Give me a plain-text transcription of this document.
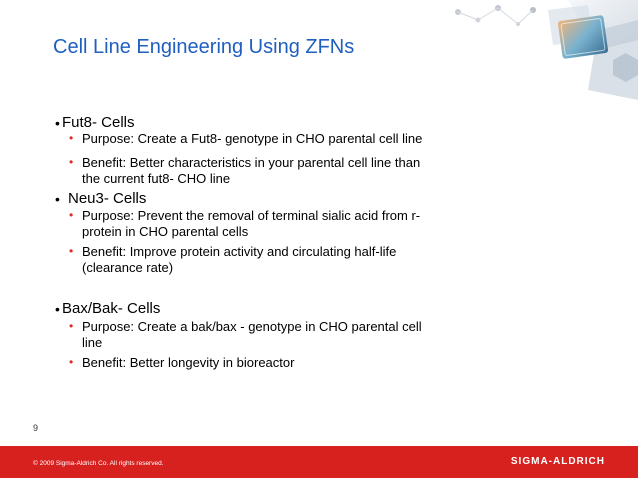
Cell Line Engineering Using ZFNs
• Fut8- Cells
• Purpose: Create a Fut8- genotype in CHO parental cell line
• Benefit: Better characteristics in your parental cell line than
the current fut8- CHO line
• Neu3- Cells
• Purpose: Prevent the removal of terminal sialic acid from r-
protein in CHO parental cells
• Benefit: Improve protein activity and circulating half-life
(clearance rate)
• Bax/Bak- Cells
• Purpose: Create a bak/bax - genotype in CHO parental cell
line
• Benefit: Better longevity in bioreactor
9
© 2009 Sigma-Aldrich Co. All rights reserved.	SIGMA-ALDRICH
